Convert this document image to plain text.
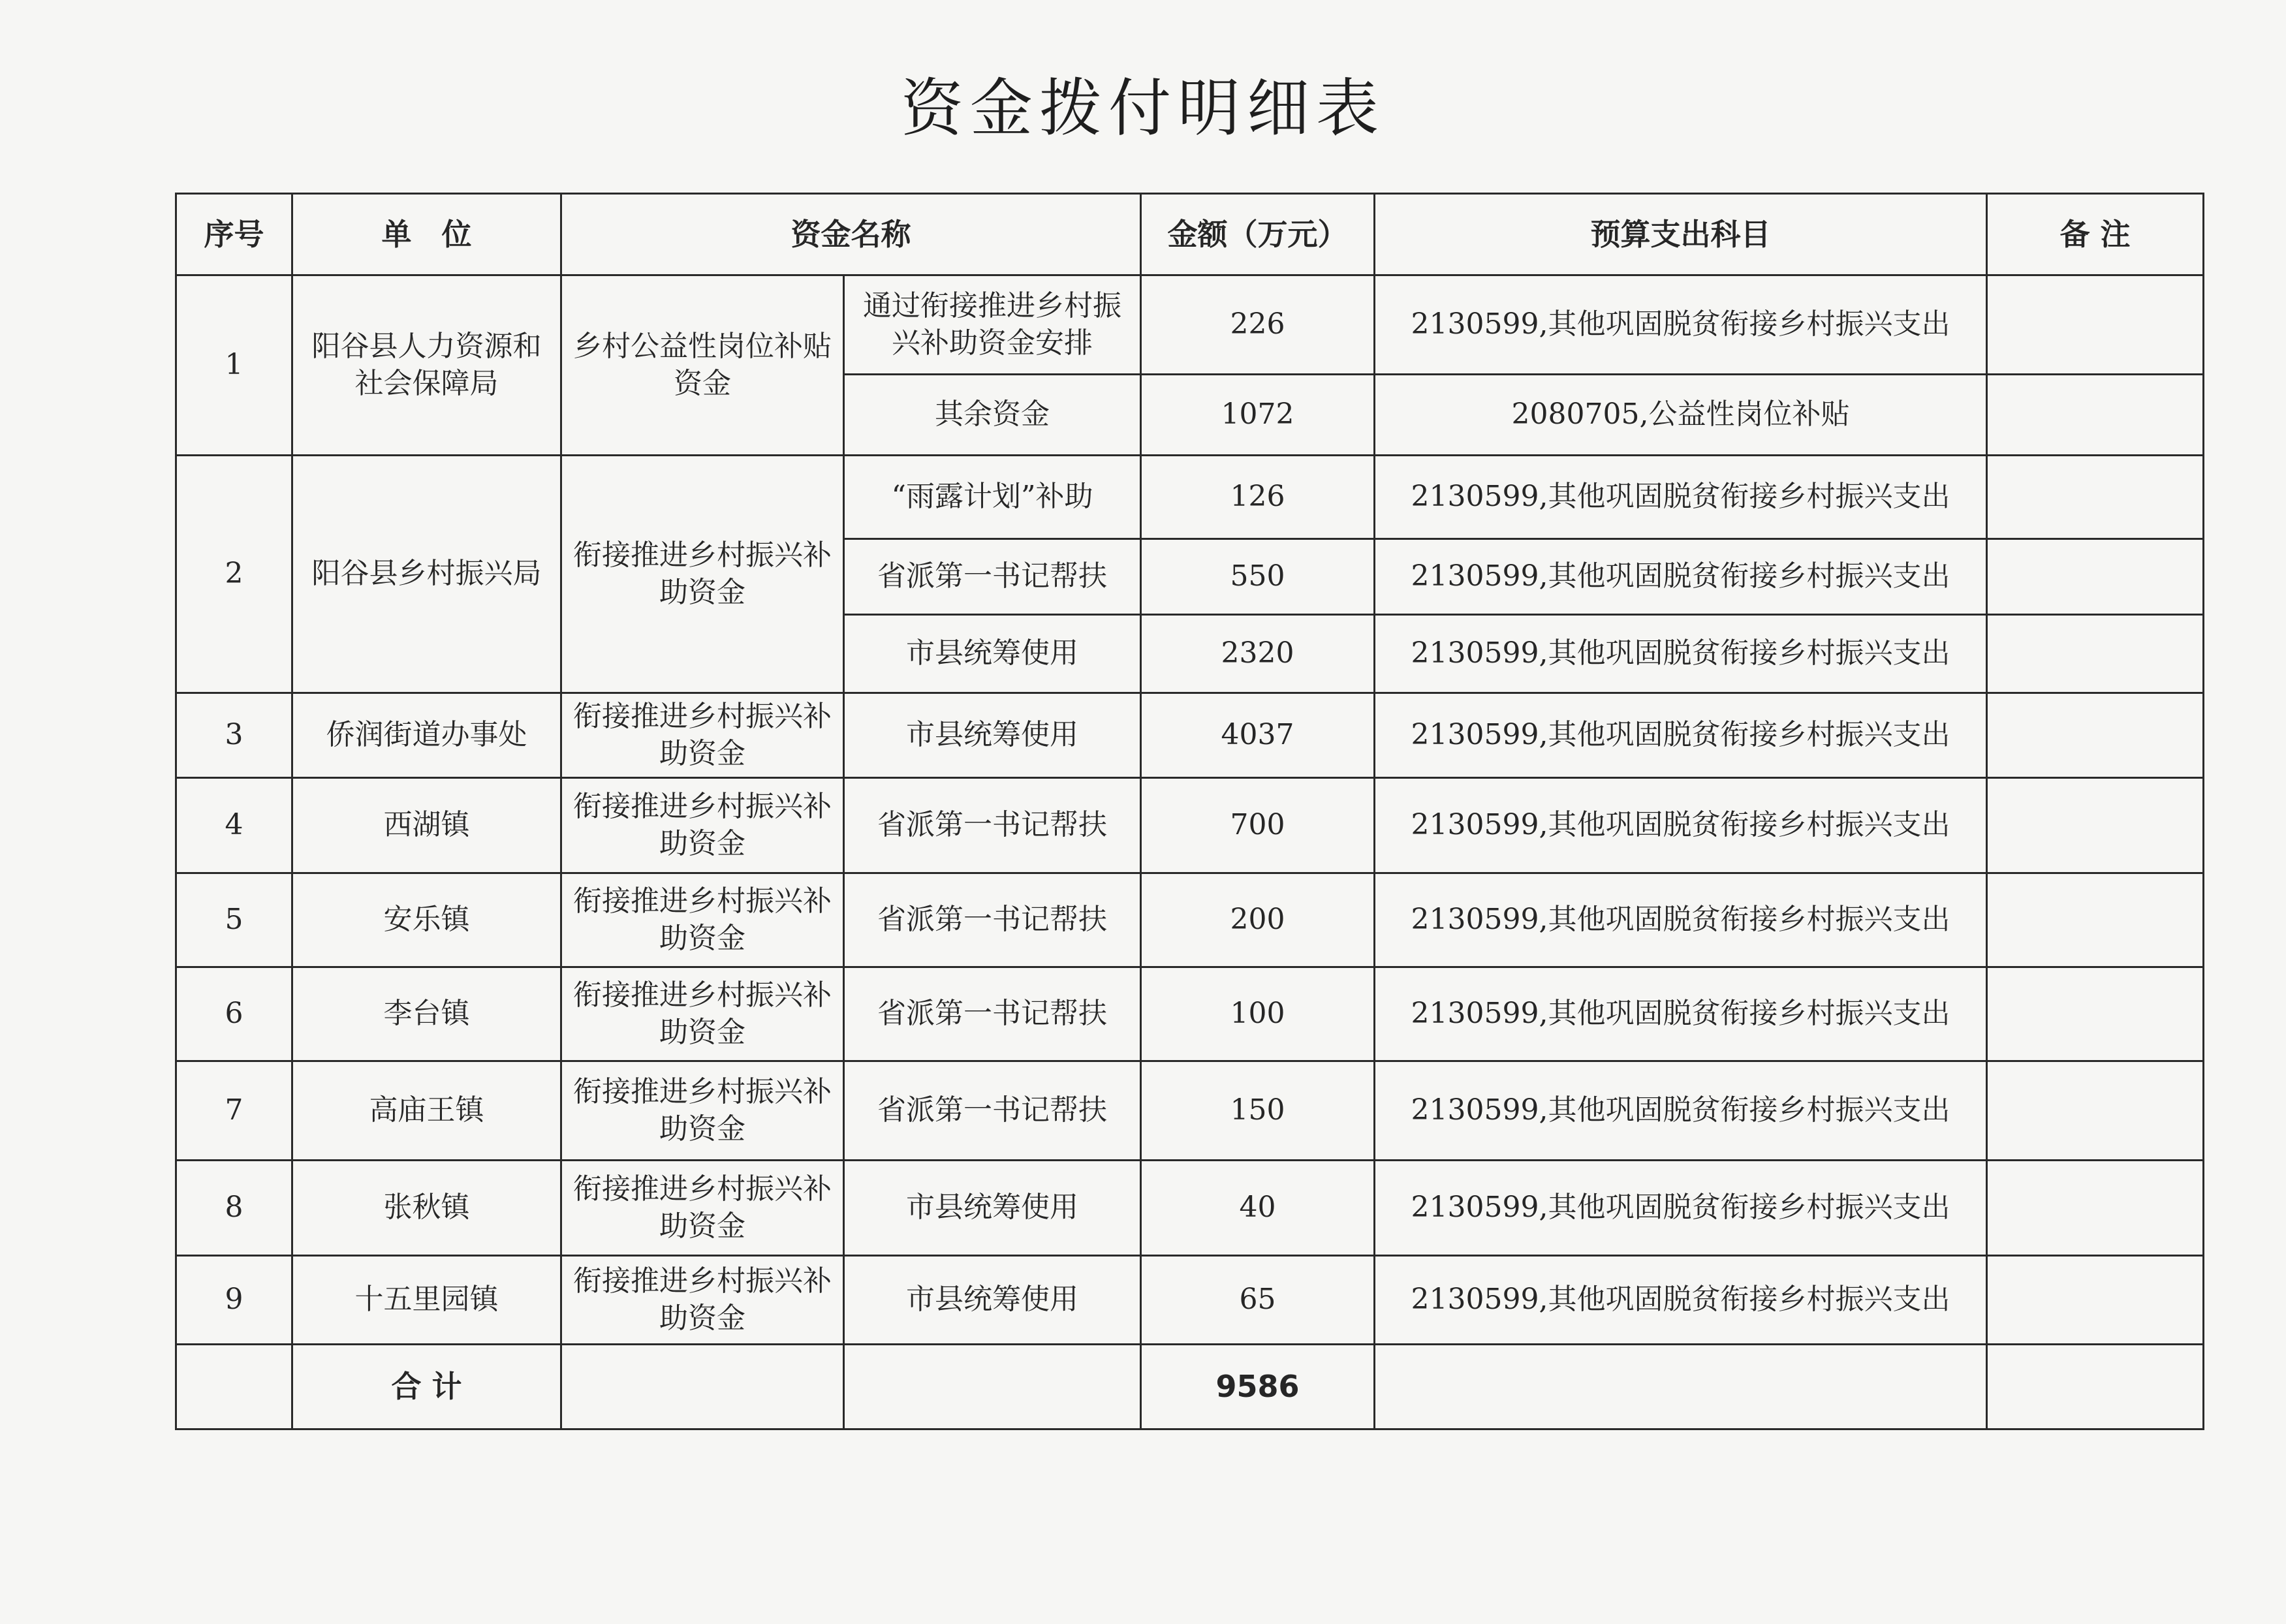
资金拨付明细表
序号	单　位	资金名称		金额（万元）	预算支出科目	备 注
1	阳谷县人力资源和社会保障局	乡村公益性岗位补贴资金	通过衔接推进乡村振兴补助资金安排	226	2130599,其他巩固脱贫衔接乡村振兴支出	
			其余资金	1072	2080705,公益性岗位补贴	
2	阳谷县乡村振兴局	衔接推进乡村振兴补助资金	“雨露计划”补助	126	2130599,其他巩固脱贫衔接乡村振兴支出	
			省派第一书记帮扶	550	2130599,其他巩固脱贫衔接乡村振兴支出	
			市县统筹使用	2320	2130599,其他巩固脱贫衔接乡村振兴支出	
3	侨润街道办事处	衔接推进乡村振兴补助资金	市县统筹使用	4037	2130599,其他巩固脱贫衔接乡村振兴支出	
4	西湖镇	衔接推进乡村振兴补助资金	省派第一书记帮扶	700	2130599,其他巩固脱贫衔接乡村振兴支出	
5	安乐镇	衔接推进乡村振兴补助资金	省派第一书记帮扶	200	2130599,其他巩固脱贫衔接乡村振兴支出	
6	李台镇	衔接推进乡村振兴补助资金	省派第一书记帮扶	100	2130599,其他巩固脱贫衔接乡村振兴支出	
7	高庙王镇	衔接推进乡村振兴补助资金	省派第一书记帮扶	150	2130599,其他巩固脱贫衔接乡村振兴支出	
8	张秋镇	衔接推进乡村振兴补助资金	市县统筹使用	40	2130599,其他巩固脱贫衔接乡村振兴支出	
9	十五里园镇	衔接推进乡村振兴补助资金	市县统筹使用	65	2130599,其他巩固脱贫衔接乡村振兴支出	
	合 计			9586		
